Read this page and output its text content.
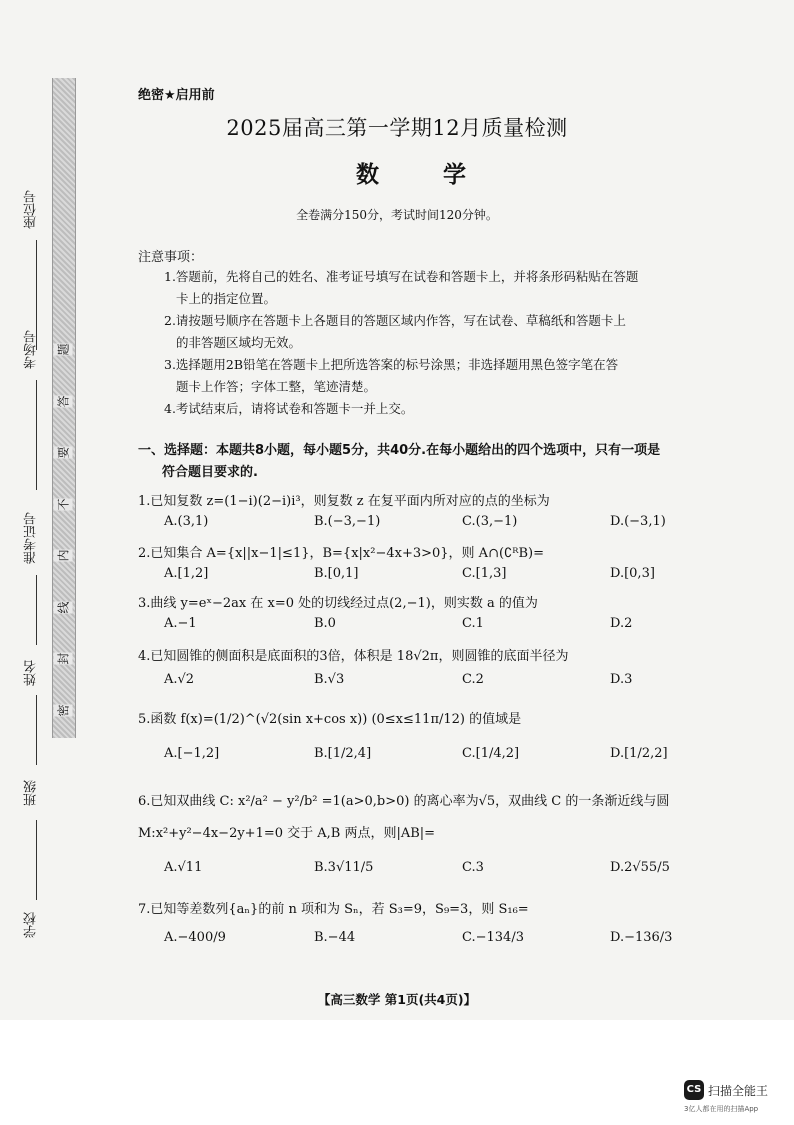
座位号
考场号
准考证号
姓名
班级
学校
题
答
要
不
内
线
封
密
绝密★启用前
2025届高三第一学期12月质量检测
数 学
全卷满分150分，考试时间120分钟。
注意事项：
1.答题前，先将自己的姓名、准考证号填写在试卷和答题卡上，并将条形码粘贴在答题
卡上的指定位置。
2.请按题号顺序在答题卡上各题目的答题区域内作答，写在试卷、草稿纸和答题卡上
的非答题区域均无效。
3.选择题用2B铅笔在答题卡上把所选答案的标号涂黑；非选择题用黑色签字笔在答
题卡上作答；字体工整，笔迹清楚。
4.考试结束后，请将试卷和答题卡一并上交。
一、选择题：本题共8小题，每小题5分，共40分.在每小题给出的四个选项中，只有一项是
符合题目要求的.
1.已知复数 z=(1−i)(2−i)i³，则复数 z 在复平面内所对应的点的坐标为
A.(3,1)	B.(−3,−1)	C.(3,−1)	D.(−3,1)
2.已知集合 A={x||x−1|≤1}，B={x|x²−4x+3>0}，则 A∩(∁ᴿB)=
A.[1,2]	B.[0,1]	C.[1,3]	D.[0,3]
3.曲线 y=eˣ−2ax 在 x=0 处的切线经过点(2,−1)，则实数 a 的值为
A.−1	B.0	C.1	D.2
4.已知圆锥的侧面积是底面积的3倍，体积是 18√2π，则圆锥的底面半径为
A.√2	B.√3	C.2	D.3
5.函数 f(x)=(1/2)^(√2(sin x+cos x)) (0≤x≤11π/12) 的值域是
A.[−1,2]	B.[1/2,4]	C.[1/4,2]	D.[1/2,2]
6.已知双曲线 C: x²/a² − y²/b² =1(a>0,b>0) 的离心率为√5，双曲线 C 的一条渐近线与圆
M:x²+y²−4x−2y+1=0 交于 A,B 两点，则|AB|=
A.√11	B.3√11/5	C.3	D.2√55/5
7.已知等差数列{aₙ}的前 n 项和为 Sₙ，若 S₃=9，S₉=3，则 S₁₆=
A.−400/9	B.−44	C.−134/3	D.−136/3
【高三数学 第1页(共4页)】
CS 扫描全能王
3亿人都在用的扫描App
